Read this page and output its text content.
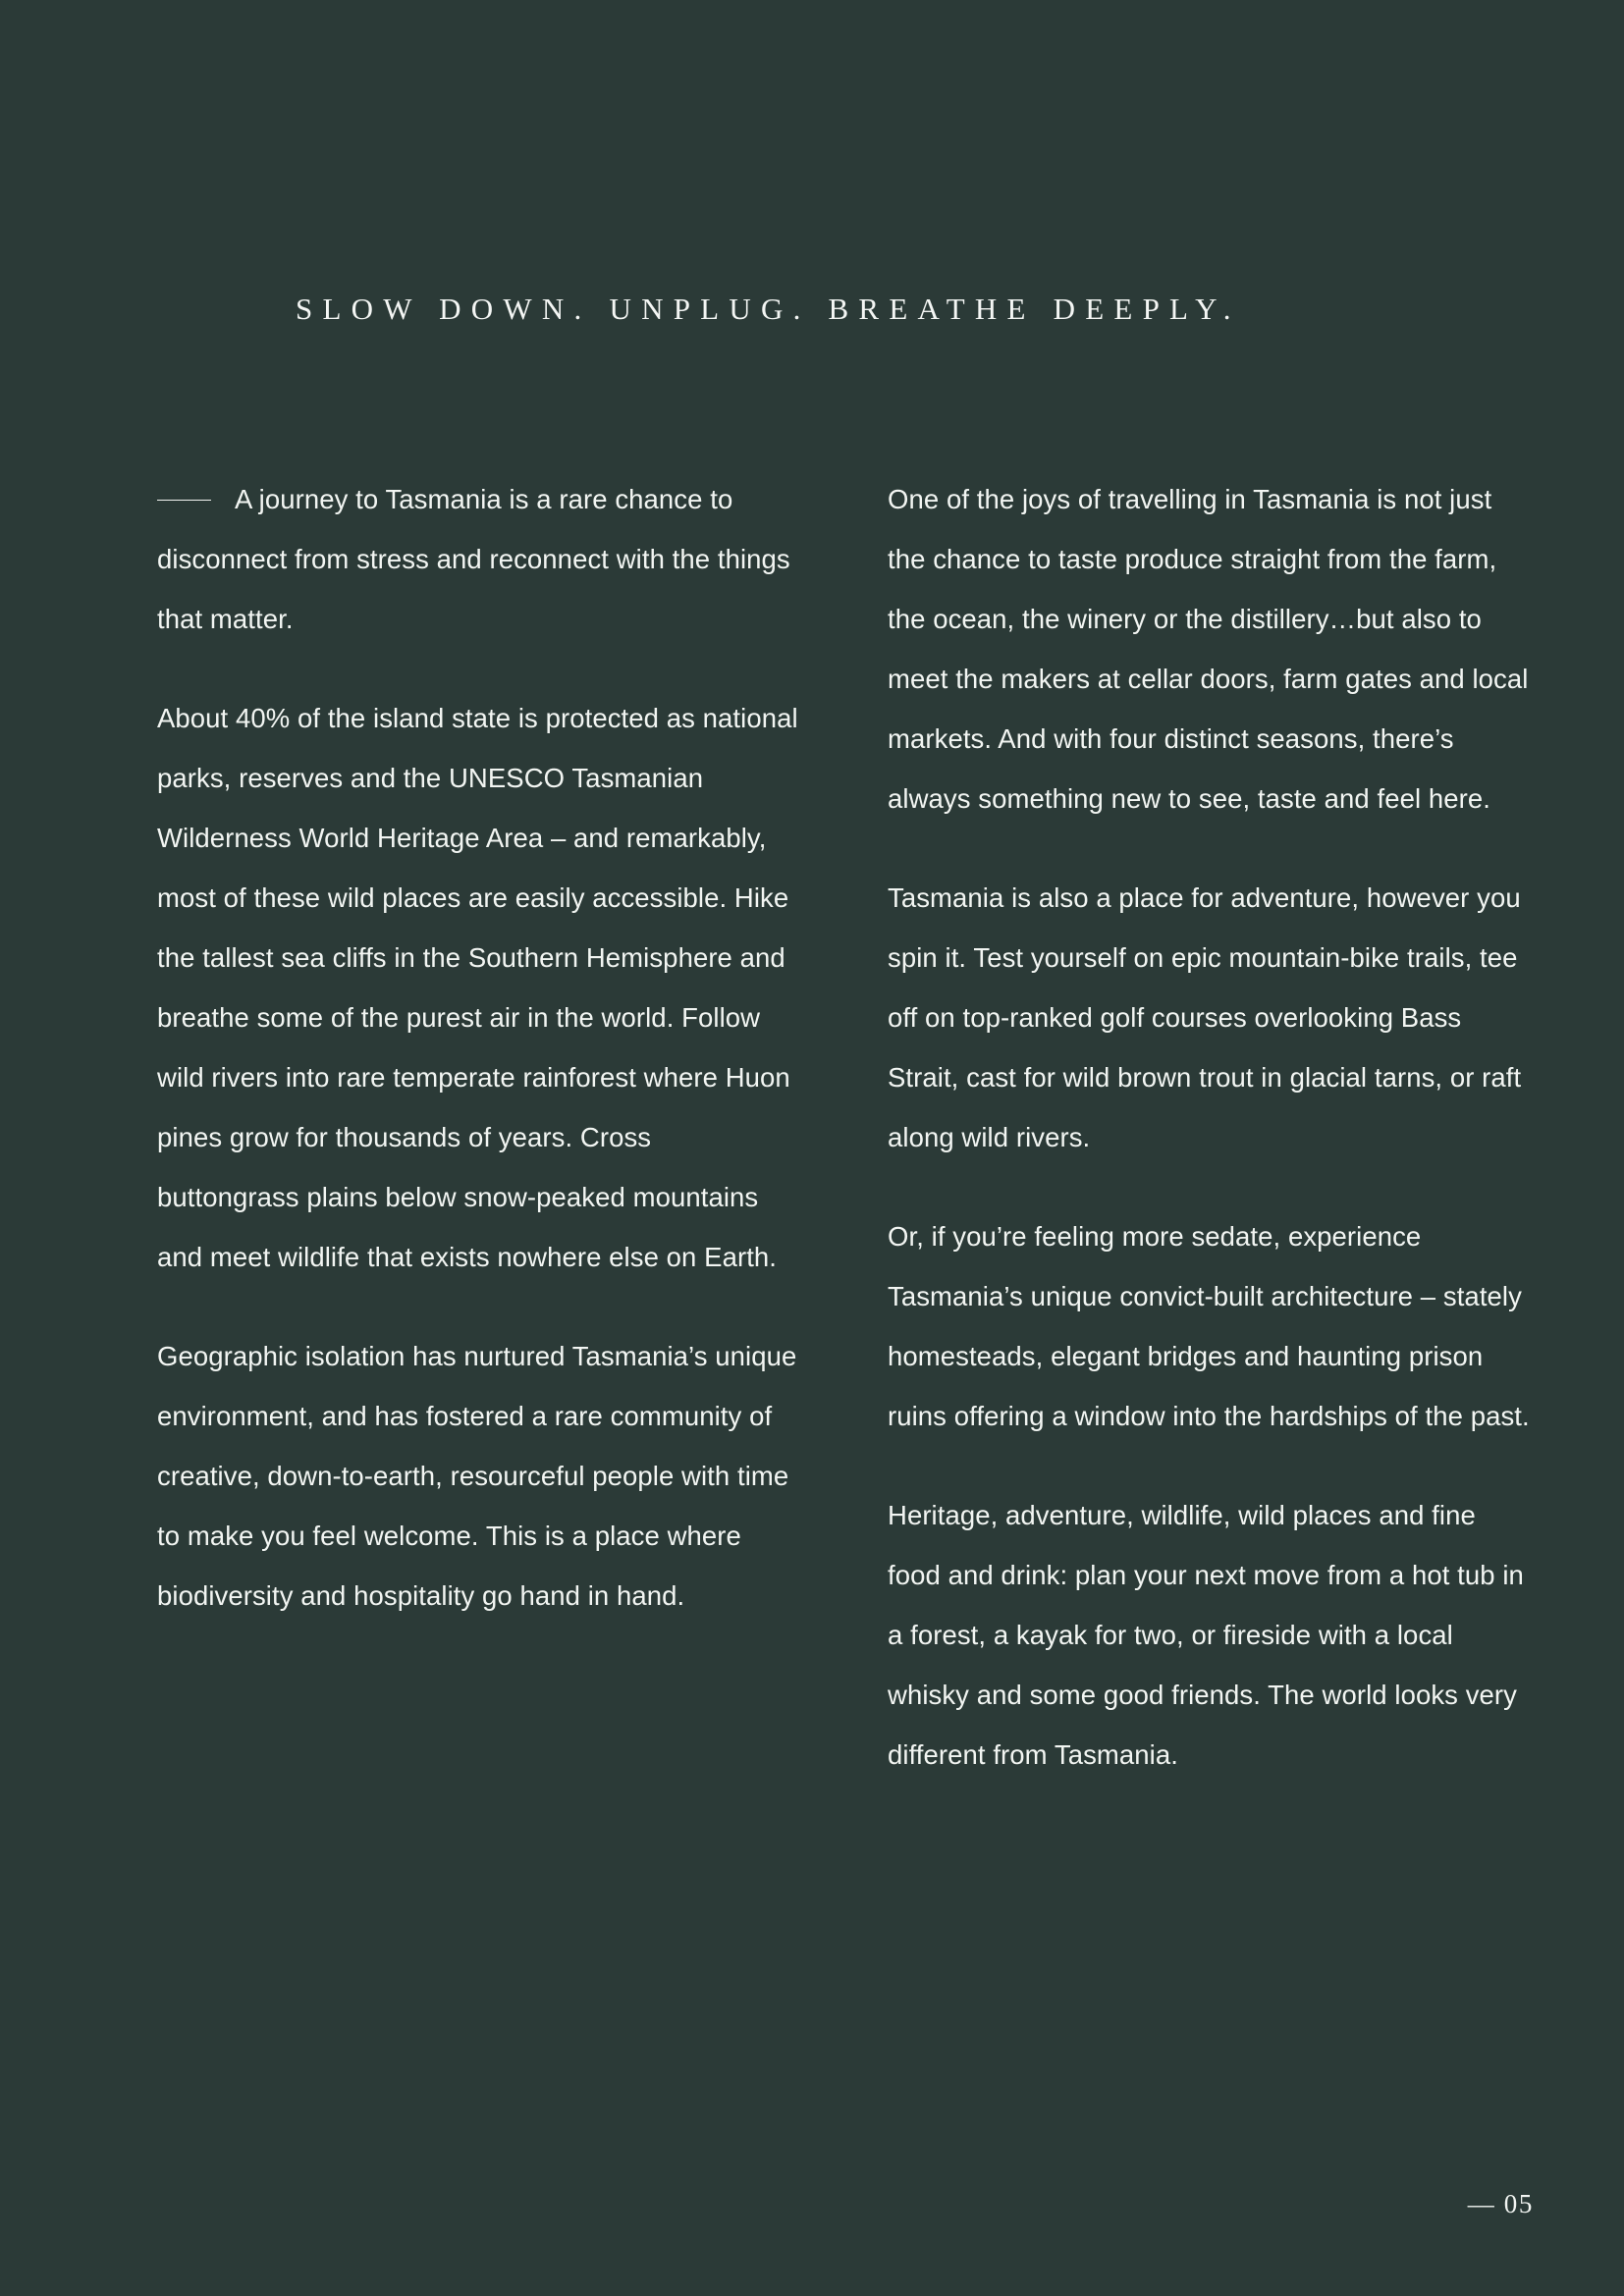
SLOW DOWN. UNPLUG. BREATHE DEEPLY.

A journey to Tasmania is a rare chance to disconnect from stress and reconnect with the things that matter.

About 40% of the island state is protected as national parks, reserves and the UNESCO Tasmanian Wilderness World Heritage Area – and remarkably, most of these wild places are easily accessible. Hike the tallest sea cliffs in the Southern Hemisphere and breathe some of the purest air in the world. Follow wild rivers into rare temperate rainforest where Huon pines grow for thousands of years. Cross buttongrass plains below snow-peaked mountains and meet wildlife that exists nowhere else on Earth.

Geographic isolation has nurtured Tasmania’s unique environment, and has fostered a rare community of creative, down-to-earth, resourceful people with time to make you feel welcome. This is a place where biodiversity and hospitality go hand in hand.

One of the joys of travelling in Tasmania is not just the chance to taste produce straight from the farm, the ocean, the winery or the distillery…but also to meet the makers at cellar doors, farm gates and local markets. And with four distinct seasons, there’s always something new to see, taste and feel here.

Tasmania is also a place for adventure, however you spin it. Test yourself on epic mountain-bike trails, tee off on top-ranked golf courses overlooking Bass Strait, cast for wild brown trout in glacial tarns, or raft along wild rivers.

Or, if you’re feeling more sedate, experience Tasmania’s unique convict-built architecture – stately homesteads, elegant bridges and haunting prison ruins offering a window into the hardships of the past.

Heritage, adventure, wildlife, wild places and fine food and drink: plan your next move from a hot tub in a forest, a kayak for two, or fireside with a local whisky and some good friends. The world looks very different from Tasmania.

— 05
